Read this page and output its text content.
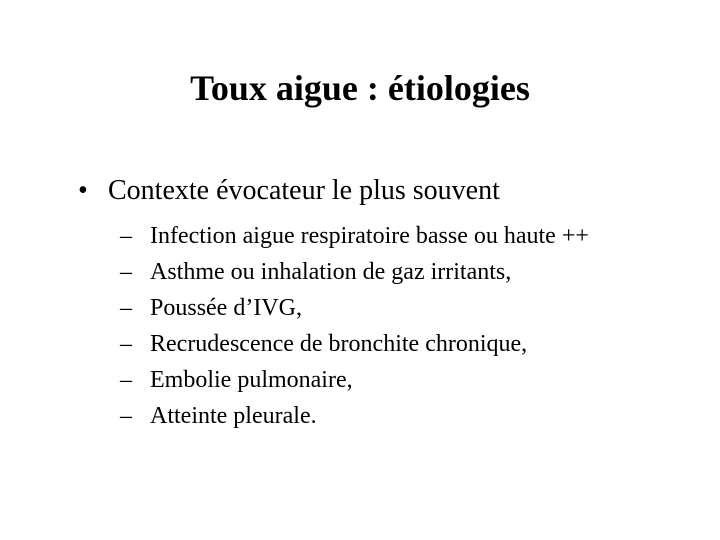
Toux aigue : étiologies
• Contexte évocateur le plus souvent
– Infection aigue respiratoire basse ou haute ++
– Asthme ou inhalation de gaz irritants,
– Poussée d’IVG,
– Recrudescence de bronchite chronique,
– Embolie pulmonaire,
– Atteinte pleurale.
